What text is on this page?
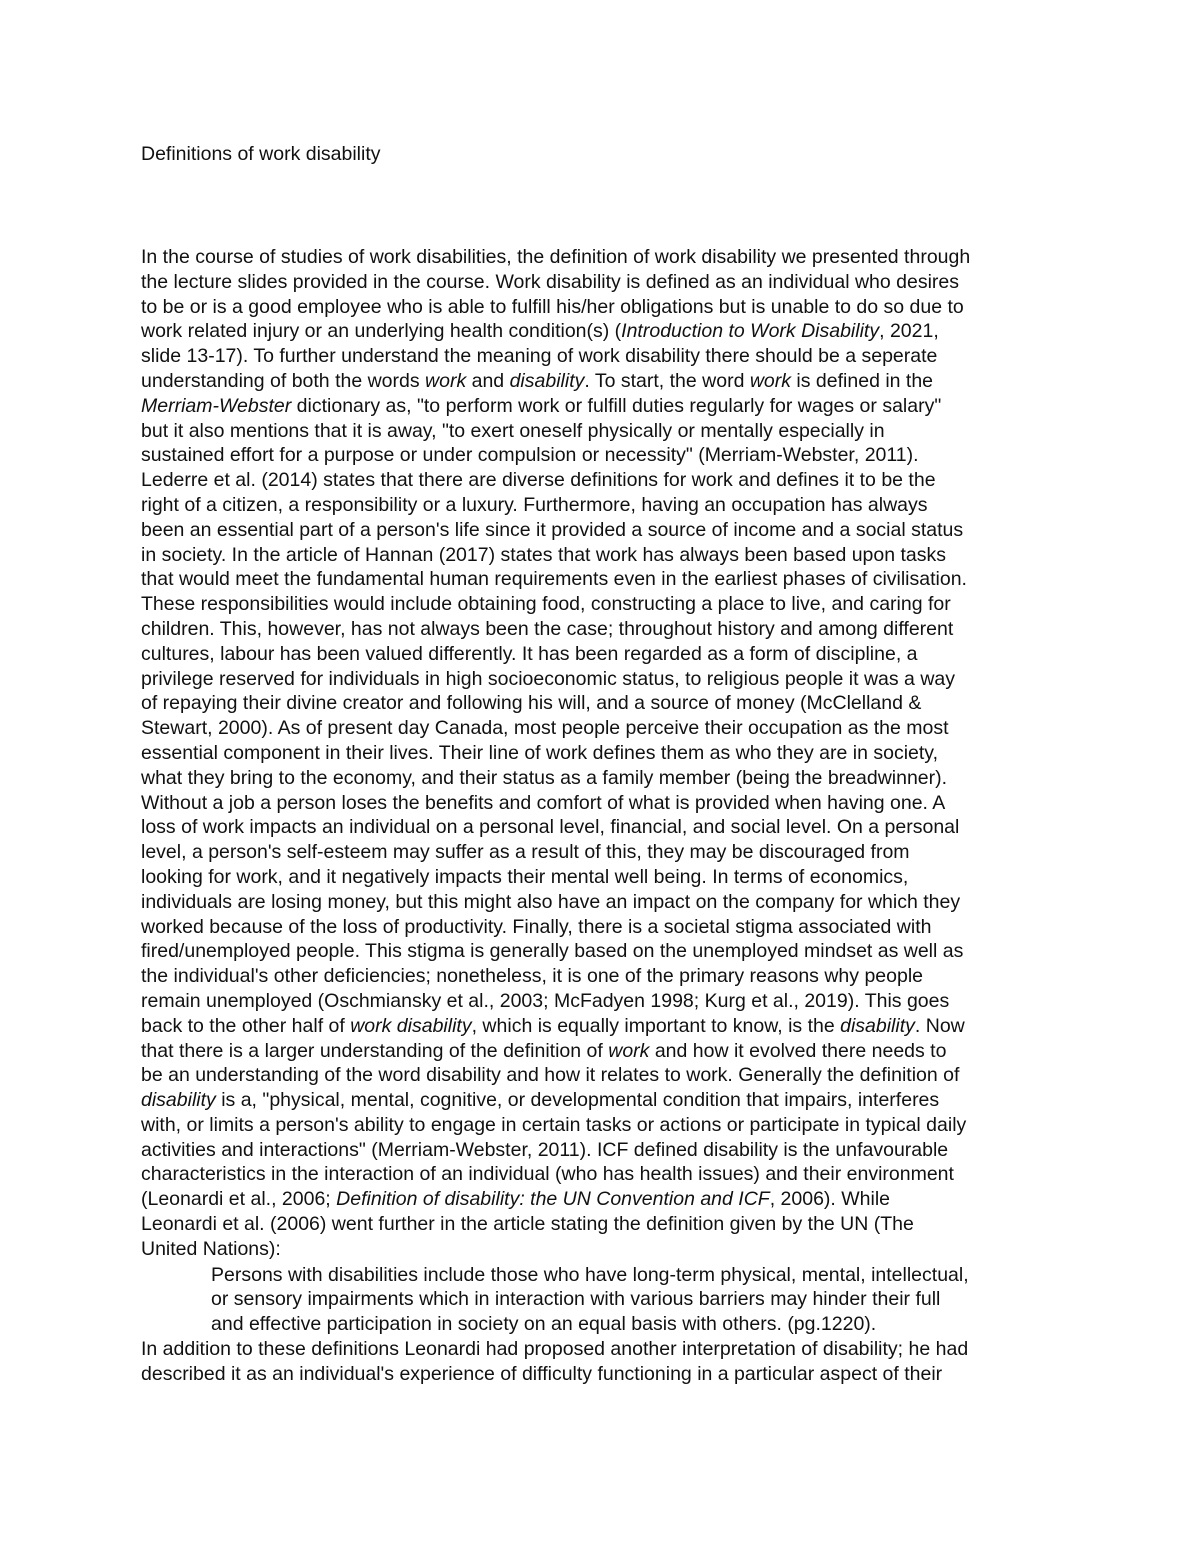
Definitions of work disability
In the course of studies of work disabilities, the definition of work disability we presented through
the lecture slides provided in the course. Work disability is defined as an individual who desires
to be or is a good employee who is able to fulfill his/her obligations but is unable to do so due to
work related injury or an underlying health condition(s) (Introduction to Work Disability, 2021,
slide 13-17). To further understand the meaning of work disability there should be a seperate
understanding of both the words work and disability. To start, the word work is defined in the
Merriam-Webster dictionary as, "to perform work or fulfill duties regularly for wages or salary"
but it also mentions that it is away, "to exert oneself physically or mentally especially in
sustained effort for a purpose or under compulsion or necessity" (Merriam-Webster, 2011).
Lederre et al. (2014) states that there are diverse definitions for work and defines it to be the
right of a citizen, a responsibility or a luxury. Furthermore, having an occupation has always
been an essential part of a person's life since it provided a source of income and a social status
in society. In the article of Hannan (2017) states that work has always been based upon tasks
that would meet the fundamental human requirements even in the earliest phases of civilisation.
These responsibilities would include obtaining food, constructing a place to live, and caring for
children. This, however, has not always been the case; throughout history and among different
cultures, labour has been valued differently. It has been regarded as a form of discipline, a
privilege reserved for individuals in high socioeconomic status, to religious people it was a way
of repaying their divine creator and following his will, and a source of money (McClelland &
Stewart, 2000). As of present day Canada, most people perceive their occupation as the most
essential component in their lives. Their line of work defines them as who they are in society,
what they bring to the economy, and their status as a family member (being the breadwinner).
Without a job a person loses the benefits and comfort of what is provided when having one. A
loss of work impacts an individual on a personal level, financial, and social level. On a personal
level, a person's self-esteem may suffer as a result of this, they may be discouraged from
looking for work, and it negatively impacts their mental well being. In terms of economics,
individuals are losing money, but this might also have an impact on the company for which they
worked because of the loss of productivity. Finally, there is a societal stigma associated with
fired/unemployed people. This stigma is generally based on the unemployed mindset as well as
the individual's other deficiencies; nonetheless, it is one of the primary reasons why people
remain unemployed (Oschmiansky et al., 2003; McFadyen 1998; Kurg et al., 2019). This goes
back to the other half of work disability, which is equally important to know, is the disability. Now
that there is a larger understanding of the definition of work and how it evolved there needs to
be an understanding of the word disability and how it relates to work. Generally the definition of
disability is a, "physical, mental, cognitive, or developmental condition that impairs, interferes
with, or limits a person's ability to engage in certain tasks or actions or participate in typical daily
activities and interactions" (Merriam-Webster, 2011). ICF defined disability is the unfavourable
characteristics in the interaction of an individual (who has health issues) and their environment
(Leonardi et al., 2006; Definition of disability: the UN Convention and ICF, 2006). While
Leonardi et al. (2006) went further in the article stating the definition given by the UN (The
United Nations):
Persons with disabilities include those who have long-term physical, mental, intellectual,
or sensory impairments which in interaction with various barriers may hinder their full
and effective participation in society on an equal basis with others. (pg.1220).
In addition to these definitions Leonardi had proposed another interpretation of disability; he had
described it as an individual's experience of difficulty functioning in a particular aspect of their
